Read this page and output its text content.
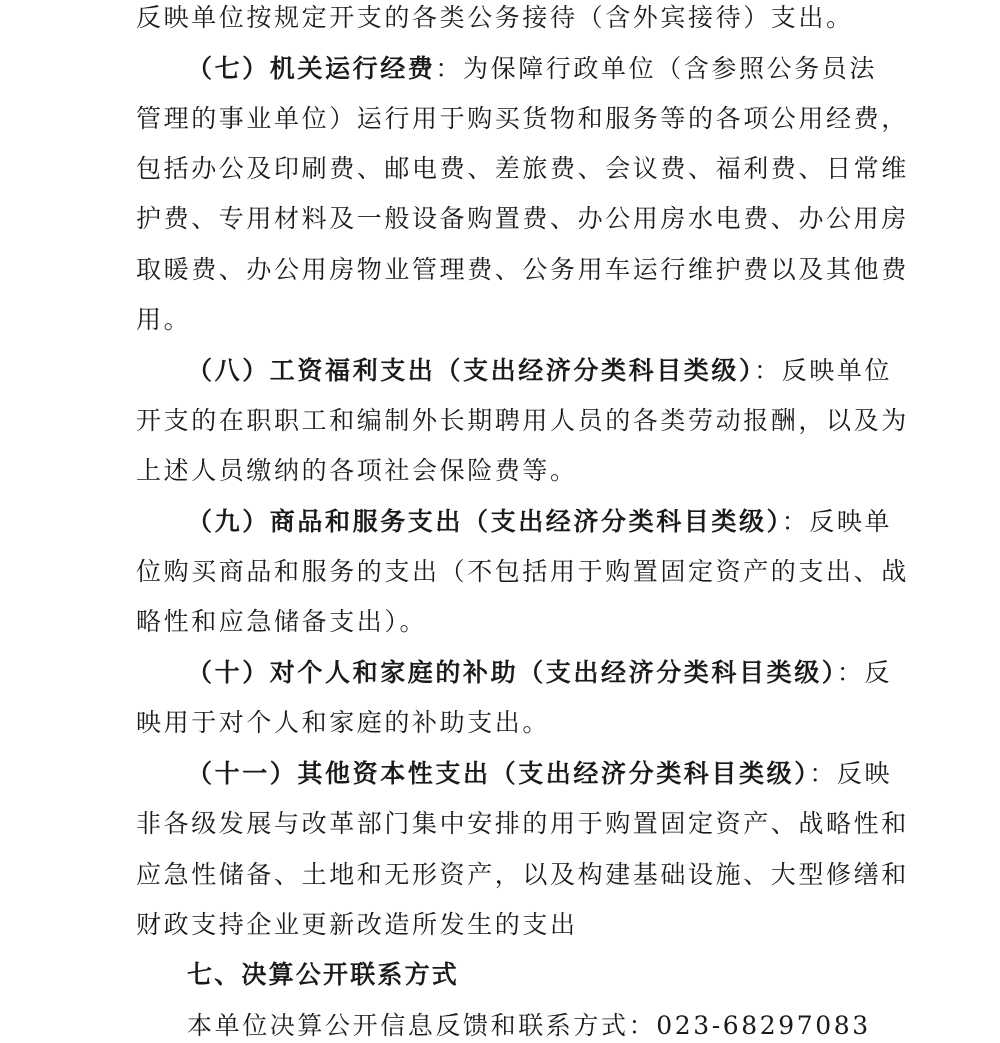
反映单位按规定开支的各类公务接待（含外宾接待）支出。
（七）机关运行经费：为保障行政单位（含参照公务员法
管理的事业单位）运行用于购买货物和服务等的各项公用经费，
包括办公及印刷费、邮电费、差旅费、会议费、福利费、日常维
护费、专用材料及一般设备购置费、办公用房水电费、办公用房
取暖费、办公用房物业管理费、公务用车运行维护费以及其他费
用。
（八）工资福利支出（支出经济分类科目类级）：反映单位
开支的在职职工和编制外长期聘用人员的各类劳动报酬，以及为
上述人员缴纳的各项社会保险费等。
（九）商品和服务支出（支出经济分类科目类级）：反映单
位购买商品和服务的支出（不包括用于购置固定资产的支出、战
略性和应急储备支出）。
（十）对个人和家庭的补助（支出经济分类科目类级）：反
映用于对个人和家庭的补助支出。
（十一）其他资本性支出（支出经济分类科目类级）：反映
非各级发展与改革部门集中安排的用于购置固定资产、战略性和
应急性储备、土地和无形资产，以及构建基础设施、大型修缮和
财政支持企业更新改造所发生的支出
七、决算公开联系方式
本单位决算公开信息反馈和联系方式：023-68297083
